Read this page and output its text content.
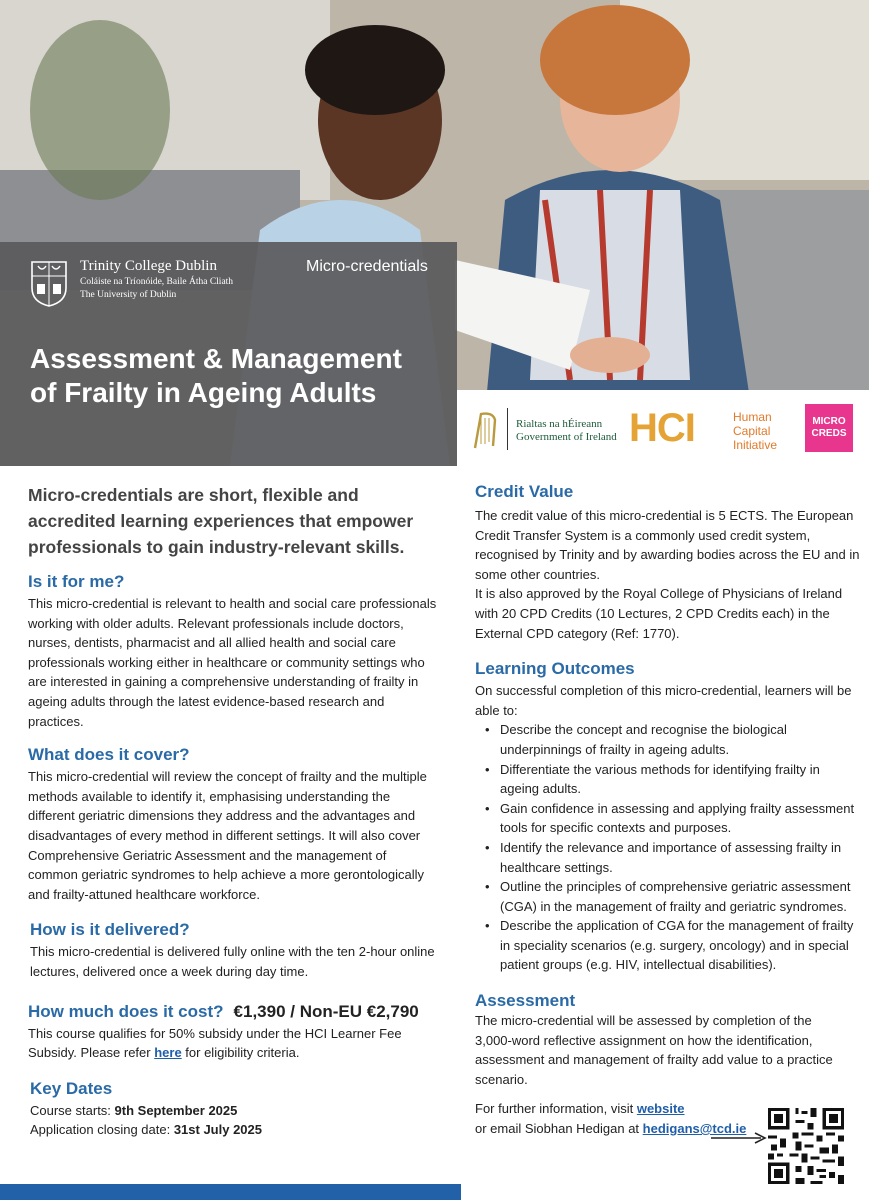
Trinity College Dublin
Coláiste na Tríonóide, Baile Átha Cliath
The University of Dublin
Micro-credentials
Assessment & Management
of Frailty in Ageing Adults
Rialtas na hÉireann
Government of Ireland HCI	Human
Capital
Initiative
MICRO
CREDS

Micro-credentials are short, flexible and accredited learning experiences that empower professionals to gain industry-relevant skills.

Is it for me?

This micro-credential is relevant to health and social care professionals working with older adults. Relevant professionals include doctors, nurses, dentists, pharmacist and all allied health and social care professionals working either in healthcare or community settings who are interested in gaining a comprehensive understanding of frailty in ageing adults through the latest evidence-based research and practices.

What does it cover?

This micro-credential will review the concept of frailty and the multiple methods available to identify it, emphasising understanding the different geriatric dimensions they address and the advantages and disadvantages of every method in different settings. It will also cover Comprehensive Geriatric Assessment and the management of common geriatric syndromes to help achieve a more gerontologically and frailty-attuned healthcare workforce.

How is it delivered?

This micro-credential is delivered fully online with the ten 2-hour online lectures, delivered once a week during day time.

How much does it cost? €1,390 / Non-EU €2,790

This course qualifies for 50% subsidy under the HCI Learner Fee Subsidy. Please refer here for eligibility criteria.

Key Dates

Course starts: 9th September 2025

Application closing date: 31st July 2025

Credit Value

The credit value of this micro-credential is 5 ECTS. The European Credit Transfer System is a commonly used credit system, recognised by Trinity and by awarding bodies across the EU and in some other countries.

It is also approved by the Royal College of Physicians of Ireland with 20 CPD Credits (10 Lectures, 2 CPD Credits each) in the External CPD category (Ref: 1770).

Learning Outcomes

On successful completion of this micro-credential, learners will be able to:

• Describe the concept and recognise the biological underpinnings of frailty in ageing adults.
• Differentiate the various methods for identifying frailty in ageing adults.
• Gain confidence in assessing and applying frailty assessment tools for specific contexts and purposes.
• Identify the relevance and importance of assessing frailty in healthcare settings.
• Outline the principles of comprehensive geriatric assessment (CGA) in the management of frailty and geriatric syndromes.
• Describe the application of CGA for the management of frailty in speciality scenarios (e.g. surgery, oncology) and in special patient groups (e.g. HIV, intellectual disabilities).
Assessment

The micro-credential will be assessed by completion of the 3,000-word reflective assignment on how the identification, assessment and management of frailty add value to a practice scenario.

For further information, visit website

or email Siobhan Hedigan at hedigans@tcd.ie
